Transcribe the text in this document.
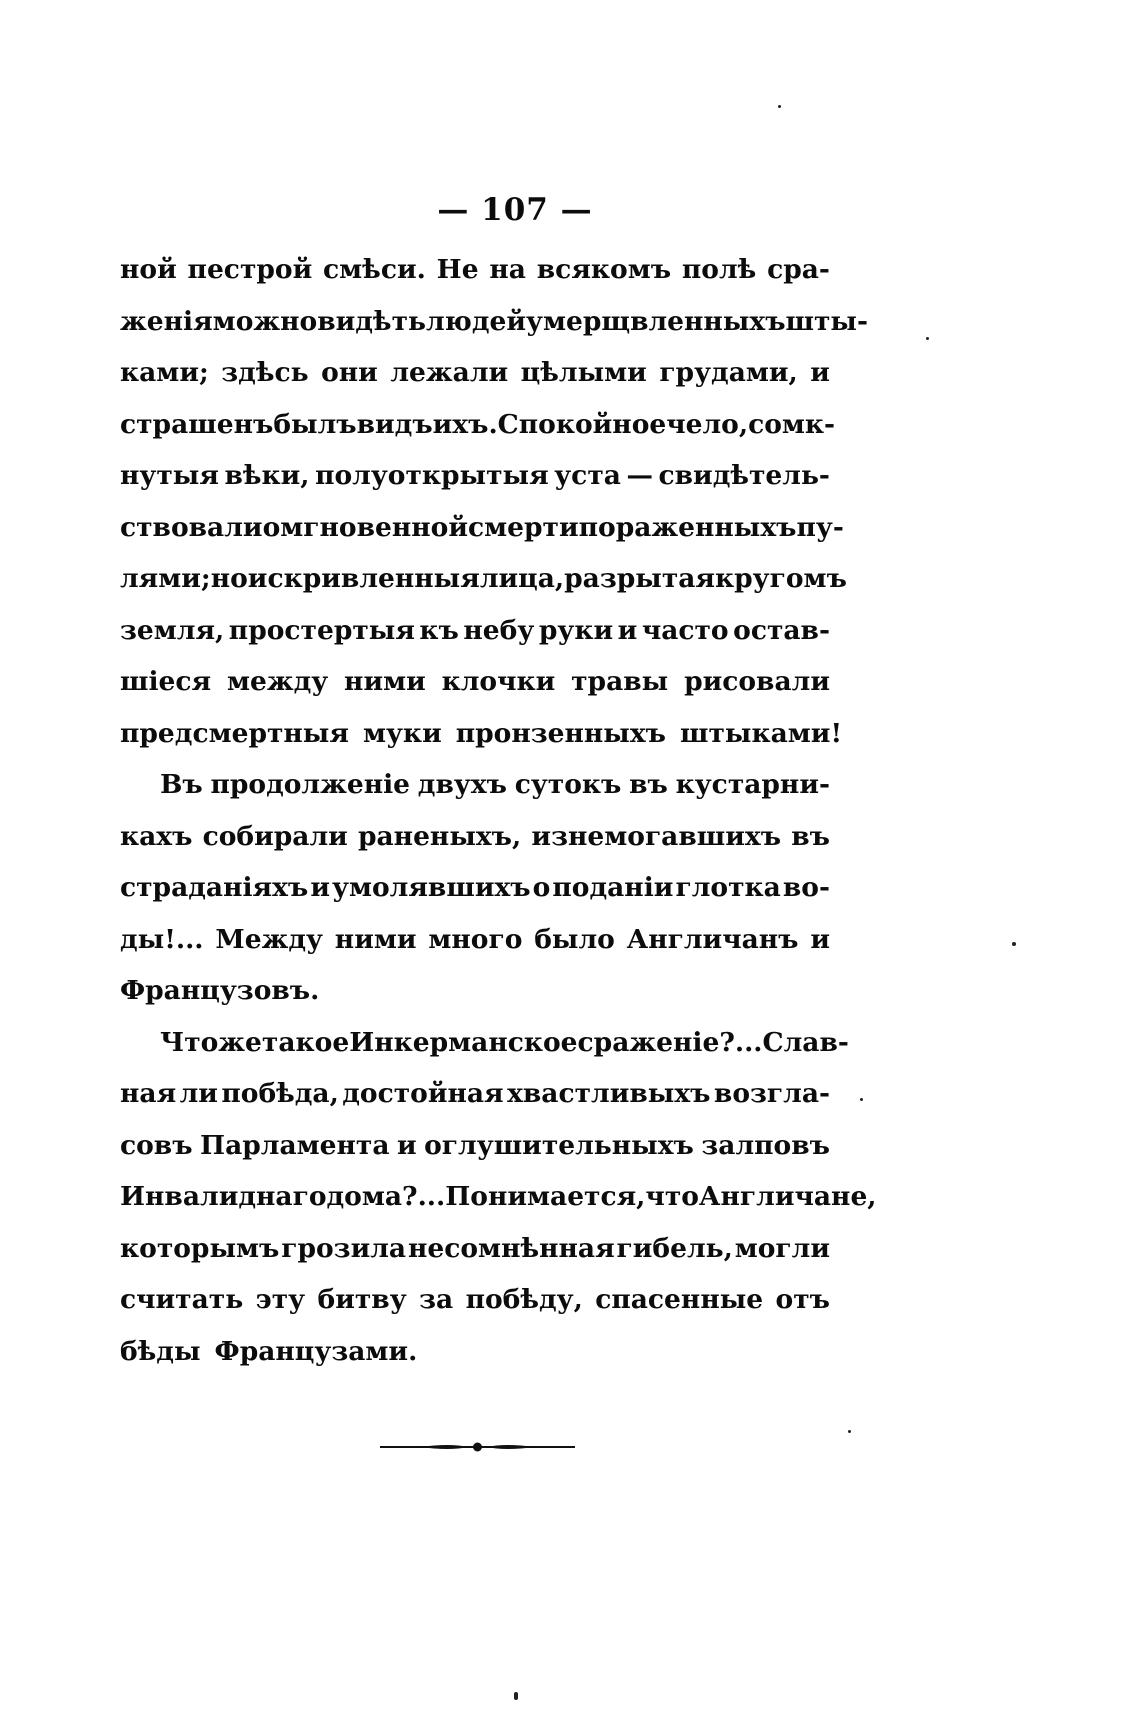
— 107 —
ной пестрой смѣси. Не на всякомъ полѣ сра-
женія можно видѣть людей умерщвленныхъ шты-
ками; здѣсь они лежали цѣлыми грудами, и
страшенъ былъ видъ ихъ. Спокойное чело, сомк-
нутыя вѣки, полуоткрытыя уста — свидѣтель-
ствовали о мгновенной смерти пораженныхъ пу-
лями; но искривленныя лица, разрытая кругомъ
земля, простертыя къ небу руки и часто остав-
шіеся между ними клочки травы рисовали
предсмертныя муки пронзенныхъ штыками!
Въ продолженіе двухъ сутокъ въ кустарни-
кахъ собирали раненыхъ, изнемогавшихъ въ
страданіяхъ и умолявшихъ о поданіи глотка во-
ды!... Между ними много было Англичанъ и
Французовъ.
Что же такое Инкерманское сраженіе?... Слав-
ная ли побѣда, достойная хвастливыхъ возгла-
совъ Парламента и оглушительныхъ залповъ
Инвалиднаго дома?... Понимается, что Англичане,
которымъ грозила несомнѣнная гибель, могли
считать эту битву за побѣду, спасенные отъ
бѣды Французами.
